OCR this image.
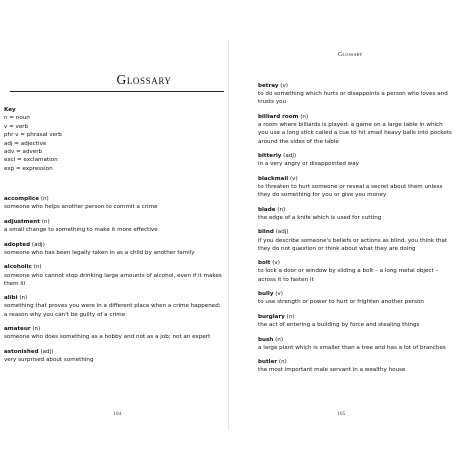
Glossary
Key
n = noun
v = verb
phr v = phrasal verb
adj = adjective
adv = adverb
excl = exclamation
exp = expression
accomplice (n)
someone who helps another person to commit a crime
adjustment (n)
a small change to something to make it more effective
adopted (adj)
someone who has been legally taken in as a child by another family
alcoholic (n)
someone who cannot stop drinking large amounts of alcohol, even if it makes them ill
alibi (n)
something that proves you were in a different place when a crime happened; a reason why you can't be guilty of a crime
amateur (n)
someone who does something as a hobby and not as a job; not an expert
astonished (adj)
very surprised about something
104
Glossary
betray (v)
to do something which hurts or disappoints a person who loves and trusts you
billiard room (n)
a room where billiards is played: a game on a large table in which you use a long stick called a cue to hit small heavy balls into pockets around the sides of the table
bitterly (adj)
in a very angry or disappointed way
blackmail (v)
to threaten to hurt someone or reveal a secret about them unless they do something for you or give you money
blade (n)
the edge of a knife which is used for cutting
blind (adj)
if you describe someone's beliefs or actions as blind, you think that they do not question or think about what they are doing
bolt (v)
to lock a door or window by sliding a bolt – a long metal object – across it to fasten it
bully (v)
to use strength or power to hurt or frighten another person
burglary (n)
the act of entering a building by force and stealing things
bush (n)
a large plant which is smaller than a tree and has a lot of branches
butler (n)
the most important male servant in a wealthy house
105
